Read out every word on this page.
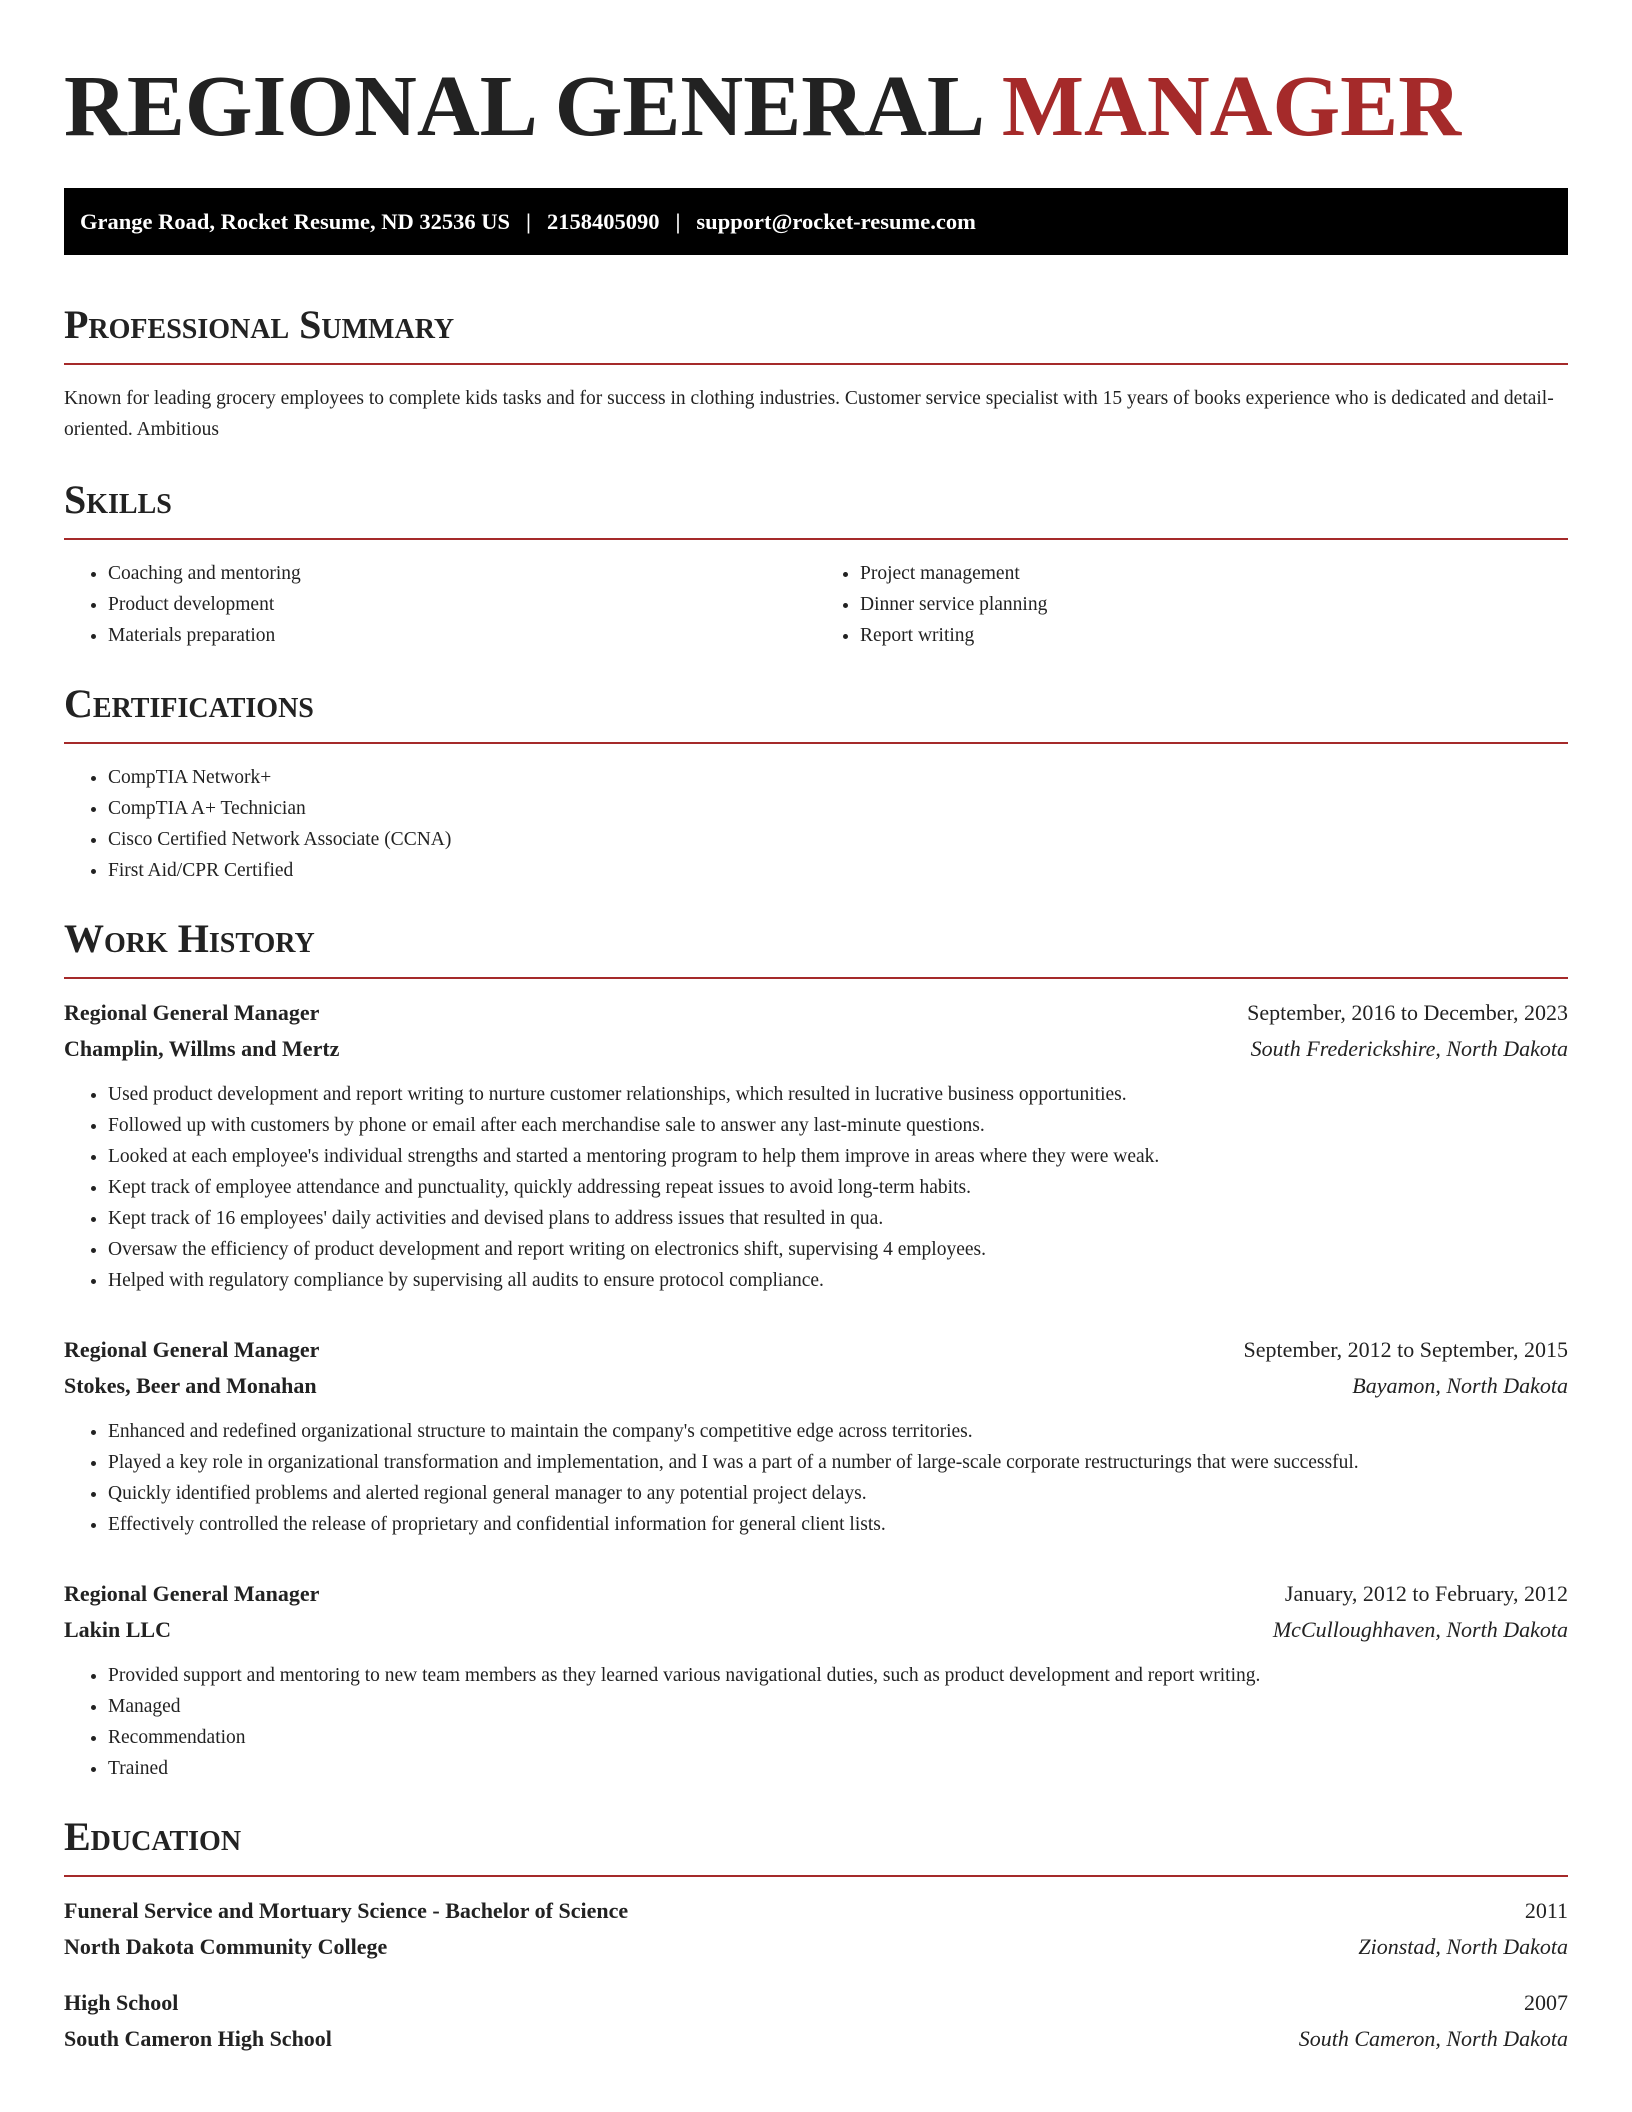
REGIONAL GENERAL MANAGER
Grange Road, Rocket Resume, ND 32536 US | 2158405090 | support@rocket-resume.com
Professional Summary

Known for leading grocery employees to complete kids tasks and for success in clothing industries. Customer service specialist with 15 years of books experience who is dedicated and detail-oriented. Ambitious

Skills
• Coaching and mentoring
• Product development
• Materials preparation
• Project management
• Dinner service planning
• Report writing
Certifications
• CompTIA Network+
• CompTIA A+ Technician
• Cisco Certified Network Associate (CCNA)
• First Aid/CPR Certified
Work History
Regional General Manager	September, 2016 to December, 2023
Champlin, Willms and Mertz	South Frederickshire, North Dakota
• Used product development and report writing to nurture customer relationships, which resulted in lucrative business opportunities.
• Followed up with customers by phone or email after each merchandise sale to answer any last-minute questions.
• Looked at each employee's individual strengths and started a mentoring program to help them improve in areas where they were weak.
• Kept track of employee attendance and punctuality, quickly addressing repeat issues to avoid long-term habits.
• Kept track of 16 employees' daily activities and devised plans to address issues that resulted in qua.
• Oversaw the efficiency of product development and report writing on electronics shift, supervising 4 employees.
• Helped with regulatory compliance by supervising all audits to ensure protocol compliance.
Regional General Manager	September, 2012 to September, 2015
Stokes, Beer and Monahan	Bayamon, North Dakota
• Enhanced and redefined organizational structure to maintain the company's competitive edge across territories.
• Played a key role in organizational transformation and implementation, and I was a part of a number of large-scale corporate restructurings that were successful.
• Quickly identified problems and alerted regional general manager to any potential project delays.
• Effectively controlled the release of proprietary and confidential information for general client lists.
Regional General Manager	January, 2012 to February, 2012
Lakin LLC	McCulloughhaven, North Dakota
• Provided support and mentoring to new team members as they learned various navigational duties, such as product development and report writing.
• Managed
• Recommendation
• Trained
Education
Funeral Service and Mortuary Science - Bachelor of Science	2011
North Dakota Community College	Zionstad, North Dakota
High School	2007
South Cameron High School	South Cameron, North Dakota
